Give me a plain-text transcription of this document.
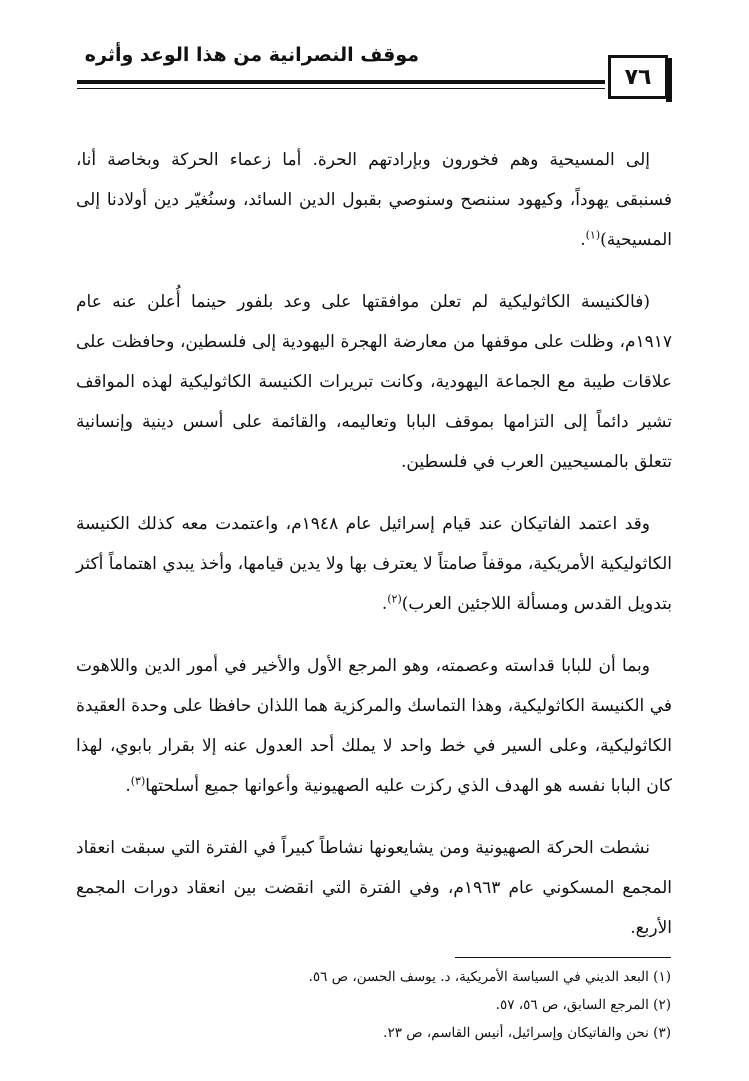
موقف النصرانية من هذا الوعد وأثره
٧٦

إلى المسيحية وهم فخورون وبإرادتهم الحرة. أما زعماء الحركة وبخاصة أنا، فسنبقى يهوداً، وكيهود سننصح وسنوصي بقبول الدين السائد، وسنُغيّر دين أولادنا إلى المسيحية)$^{(١)}$.

(فالكنيسة الكاثوليكية لم تعلن موافقتها على وعد بلفور حينما أُعلن عنه عام ١٩١٧م، وظلت على موقفها من معارضة الهجرة اليهودية إلى فلسطين، وحافظت على علاقات طيبة مع الجماعة اليهودية، وكانت تبريرات الكنيسة الكاثوليكية لهذه المواقف تشير دائماً إلى التزامها بموقف البابا وتعاليمه، والقائمة على أسس دينية وإنسانية تتعلق بالمسيحيين العرب في فلسطين.

وقد اعتمد الفاتيكان عند قيام إسرائيل عام ١٩٤٨م، واعتمدت معه كذلك الكنيسة الكاثوليكية الأمريكية، موقفاً صامتاً لا يعترف بها ولا يدين قيامها، وأخذ يبدي اهتماماً أكثر بتدويل القدس ومسألة اللاجئين العرب)$^{(٢)}$.

وبما أن للبابا قداسته وعصمته، وهو المرجع الأول والأخير في أمور الدين واللاهوت في الكنيسة الكاثوليكية، وهذا التماسك والمركزية هما اللذان حافظا على وحدة العقيدة الكاثوليكية، وعلى السير في خط واحد لا يملك أحد العدول عنه إلا بقرار بابوي، لهذا كان البابا نفسه هو الهدف الذي ركزت عليه الصهيونية وأعوانها جميع أسلحتها$^{(٣)}$.

نشطت الحركة الصهيونية ومن يشايعونها نشاطاً كبيراً في الفترة التي سبقت انعقاد المجمع المسكوني عام ١٩٦٣م، وفي الفترة التي انقضت بين انعقاد دورات المجمع الأربع.

(١) البعد الديني في السياسة الأمريكية، د. يوسف الحسن، ص ٥٦.
(٢) المرجع السابق، ص ٥٦، ٥٧.
(٣) نحن والفاتيكان وإسرائيل، أنيس القاسم، ص ٢٣.
